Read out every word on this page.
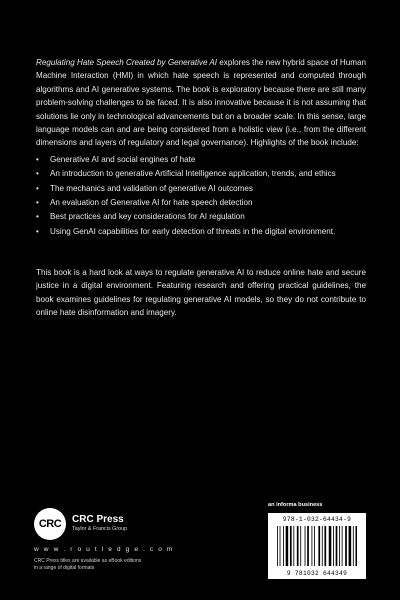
Regulating Hate Speech Created by Generative AI explores the new hybrid space of Human Machine Interaction (HMI) in which hate speech is represented and computed through algorithms and AI generative systems. The book is exploratory because there are still many problem-solving challenges to be faced. It is also innovative because it is not assuming that solutions lie only in technological advancements but on a broader scale. In this sense, large language models can and are being considered from a holistic view (i.e., from the different dimensions and layers of regulatory and legal governance). Highlights of the book include:

• Generative AI and social engines of hate
• An introduction to generative Artificial Intelligence application, trends, and ethics
• The mechanics and validation of generative AI outcomes
• An evaluation of Generative AI for hate speech detection
• Best practices and key considerations for AI regulation
• Using GenAI capabilities for early detection of threats in the digital environment.

This book is a hard look at ways to regulate generative AI to reduce online hate and secure justice in a digital environment. Featuring research and offering practical guidelines, the book examines guidelines for regulating generative AI models, so they do not contribute to online hate disinformation and imagery.

CRC CRC Press
Taylor & Francis Group
w w w . r o u t l e d g e . c o m
CRC Press titles are available as eBook editions in a range of digital formats
an informa business
978-1-032-64434-9
9 781032 644349
